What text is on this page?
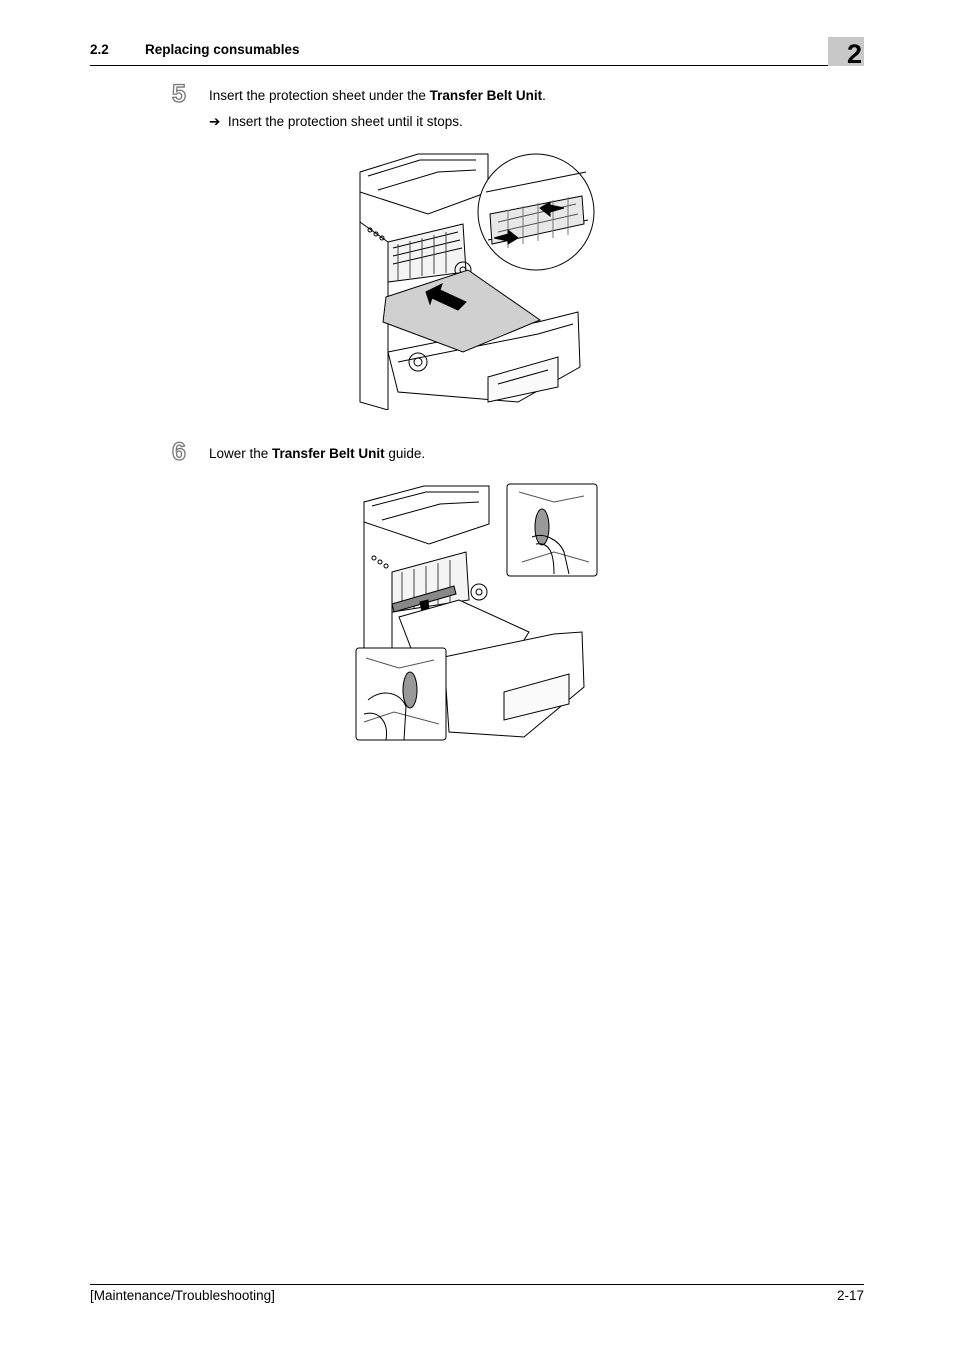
2.2	Replacing consumables	2
5 Insert the protection sheet under the Transfer Belt Unit.
➔ Insert the protection sheet until it stops.
6 Lower the Transfer Belt Unit guide.
[Maintenance/Troubleshooting]	2-17
